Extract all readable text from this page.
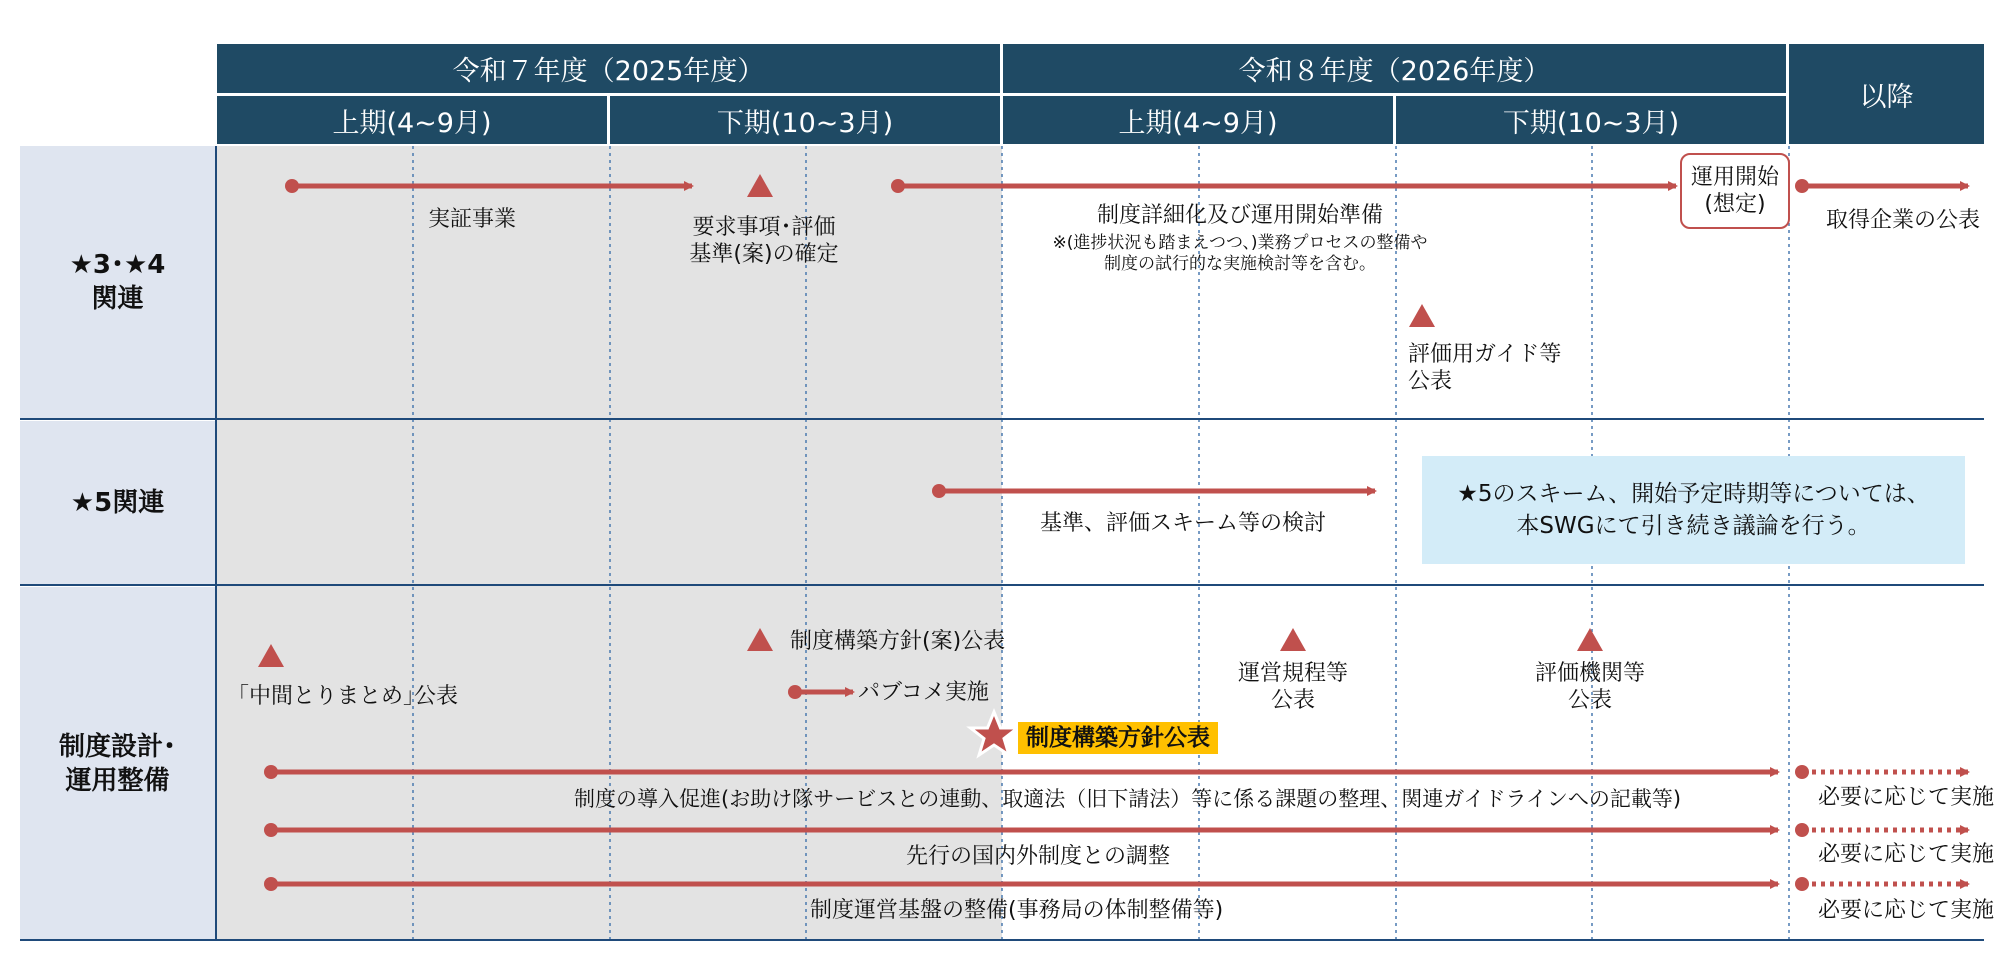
令和７年度（2025年度）	令和８年度（2026年度）
以降
上期(4~9月)	下期(10~3月)	上期(4~9月)	下期(10~3月)
★3･★4
関連
★5関連
制度設計･
運用整備
実証事業	要求事項･評価
基準(案)の確定
制度詳細化及び運用開始準備
※(進捗状況も踏まえつつ、)業務プロセスの整備や
制度の試行的な実施検討等を含む。
運用開始
(想定)
取得企業の公表
評価用ガイド等
公表
基準、評価スキーム等の検討
★5のスキーム、開始予定時期等については、
本SWGにて引き続き議論を行う。
｢中間とりまとめ｣公表
制度構築方針(案)公表
パブコメ実施
制度構築方針公表
運営規程等
公表
評価機関等
公表
制度の導入促進(お助け隊サービスとの連動、取適法（旧下請法）等に係る課題の整理、関連ガイドラインへの記載等)
先行の国内外制度との調整
制度運営基盤の整備(事務局の体制整備等)
必要に応じて実施
必要に応じて実施
必要に応じて実施
